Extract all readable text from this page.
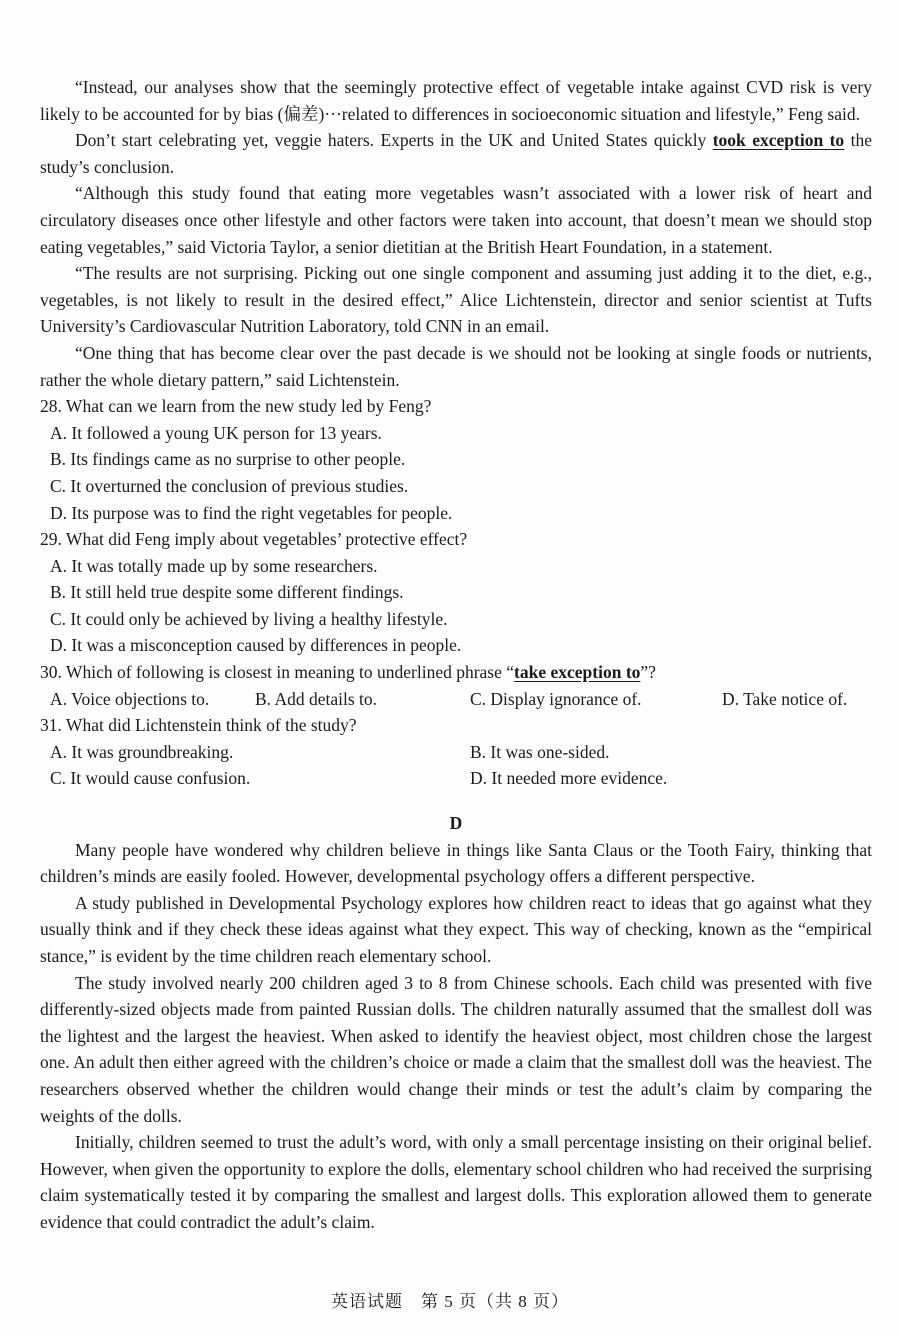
“Instead, our analyses show that the seemingly protective effect of vegetable intake against CVD risk is very likely to be accounted for by bias (偏差)···related to differences in socioeconomic situation and lifestyle,” Feng said.

Don’t start celebrating yet, veggie haters. Experts in the UK and United States quickly took exception to the study’s conclusion.

“Although this study found that eating more vegetables wasn’t associated with a lower risk of heart and circulatory diseases once other lifestyle and other factors were taken into account, that doesn’t mean we should stop eating vegetables,” said Victoria Taylor, a senior dietitian at the British Heart Foundation, in a statement.

“The results are not surprising. Picking out one single component and assuming just adding it to the diet, e.g., vegetables, is not likely to result in the desired effect,” Alice Lichtenstein, director and senior scientist at Tufts University’s Cardiovascular Nutrition Laboratory, told CNN in an email.

“One thing that has become clear over the past decade is we should not be looking at single foods or nutrients, rather the whole dietary pattern,” said Lichtenstein.

28. What can we learn from the new study led by Feng?

A. It followed a young UK person for 13 years.

B. Its findings came as no surprise to other people.

C. It overturned the conclusion of previous studies.

D. Its purpose was to find the right vegetables for people.

29. What did Feng imply about vegetables’ protective effect?

A. It was totally made up by some researchers.

B. It still held true despite some different findings.

C. It could only be achieved by living a healthy lifestyle.

D. It was a misconception caused by differences in people.

30. Which of following is closest in meaning to underlined phrase “take exception to”?

A. Voice objections to.	B. Add details to.	C. Display ignorance of.	D. Take notice of.

31. What did Lichtenstein think of the study?

A. It was groundbreaking.	B. It was one-sided.
C. It would cause confusion.	D. It needed more evidence.

D

Many people have wondered why children believe in things like Santa Claus or the Tooth Fairy, thinking that children’s minds are easily fooled. However, developmental psychology offers a different perspective.

A study published in Developmental Psychology explores how children react to ideas that go against what they usually think and if they check these ideas against what they expect. This way of checking, known as the “empirical stance,” is evident by the time children reach elementary school.

The study involved nearly 200 children aged 3 to 8 from Chinese schools. Each child was presented with five differently-sized objects made from painted Russian dolls. The children naturally assumed that the smallest doll was the lightest and the largest the heaviest. When asked to identify the heaviest object, most children chose the largest one. An adult then either agreed with the children’s choice or made a claim that the smallest doll was the heaviest. The researchers observed whether the children would change their minds or test the adult’s claim by comparing the weights of the dolls.

Initially, children seemed to trust the adult’s word, with only a small percentage insisting on their original belief. However, when given the opportunity to explore the dolls, elementary school children who had received the surprising claim systematically tested it by comparing the smallest and largest dolls. This exploration allowed them to generate evidence that could contradict the adult’s claim.

英语试题　第 5 页（共 8 页）
